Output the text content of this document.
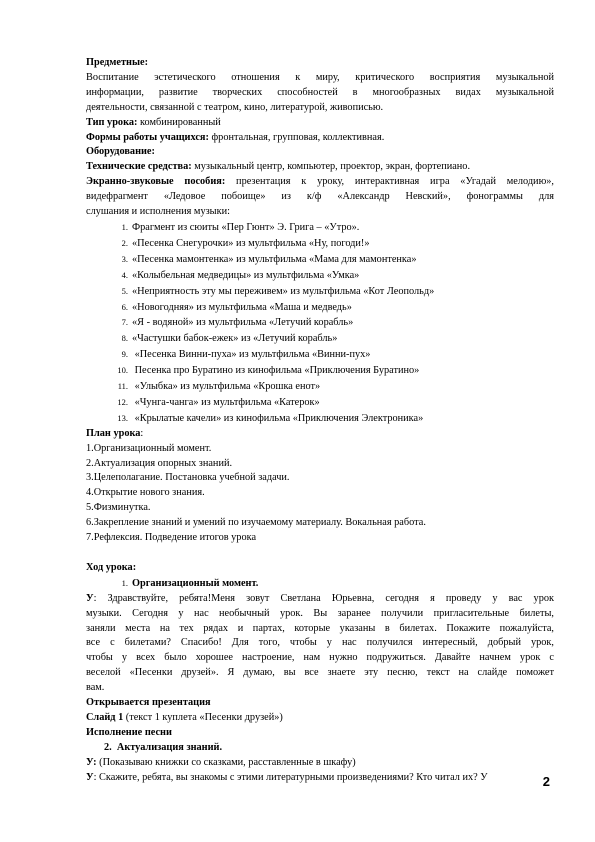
Предметные:
Воспитание эстетического отношения к миру, критического восприятия музыкальной
информации, развитие творческих способностей в многообразных видах музыкальной
деятельности, связанной с театром, кино, литературой, живописью.
Тип урока: комбинированный
Формы работы учащихся: фронтальная, групповая, коллективная.
Оборудование:
Технические средства: музыкальный центр, компьютер, проектор, экран, фортепиано.
Экранно-звуковые пособия: презентация к уроку, интерактивная игра «Угадай мелодию»,
видефрагмент «Ледовое побоище» из к/ф «Александр Невский», фонограммы для
слушания и исполнения музыки:
1. Фрагмент из сюиты «Пер Гюнт» Э. Грига – «Утро».
2. «Песенка Снегурочки» из мультфильма «Ну, погоди!»
3. «Песенка мамонтенка» из мультфильма «Мама для мамонтенка»
4. «Колыбельная медведицы» из мультфильма «Умка»
5. «Неприятность эту мы переживем» из мультфильма «Кот Леопольд»
6. «Новогодняя» из мультфильма «Маша и медведь»
7. «Я - водяной» из мультфильма «Летучий корабль»
8. «Частушки бабок-ежек» из «Летучий корабль»
9. «Песенка Винни-пуха» из мультфильма «Винни-пух»
10. Песенка про Буратино из кинофильма «Приключения Буратино»
11. «Улыбка» из мультфильма «Крошка енот»
12. «Чунга-чанга» из мультфильма «Катерок»
13. «Крылатые качели» из кинофильма «Приключения Электроника»
План урока:
1.Организационный момент.
2.Актуализация опорных знаний.
3.Целеполагание. Постановка учебной задачи.
4.Открытие нового знания.
5.Физминутка.
6.Закрепление знаний и умений по изучаемому материалу. Вокальная работа.
7.Рефлексия. Подведение итогов урока
Ход урока:
1. Организационный момент.
У: Здравствуйте, ребята!Меня зовут Светлана Юрьевна, сегодня я проведу у вас урок
музыки. Сегодня у нас необычный урок. Вы заранее получили пригласительные билеты,
заняли места на тех рядах и партах, которые указаны в билетах. Покажите пожалуйста,
все с билетами? Спасибо! Для того, чтобы у нас получился интересный, добрый урок,
чтобы у всех было хорошее настроение, нам нужно подружиться. Давайте начнем урок с
веселой «Песенки друзей». Я думаю, вы все знаете эту песню, текст на слайде поможет
вам.
Открывается презентация
Слайд 1 (текст 1 куплета «Песенки друзей»)
Исполнение песни
2. Актуализация знаний.
У: (Показываю книжки со сказками, расставленные в шкафу)
У: Скажите, ребята, вы знакомы с этими литературными произведениями? Кто читал их? У	2
